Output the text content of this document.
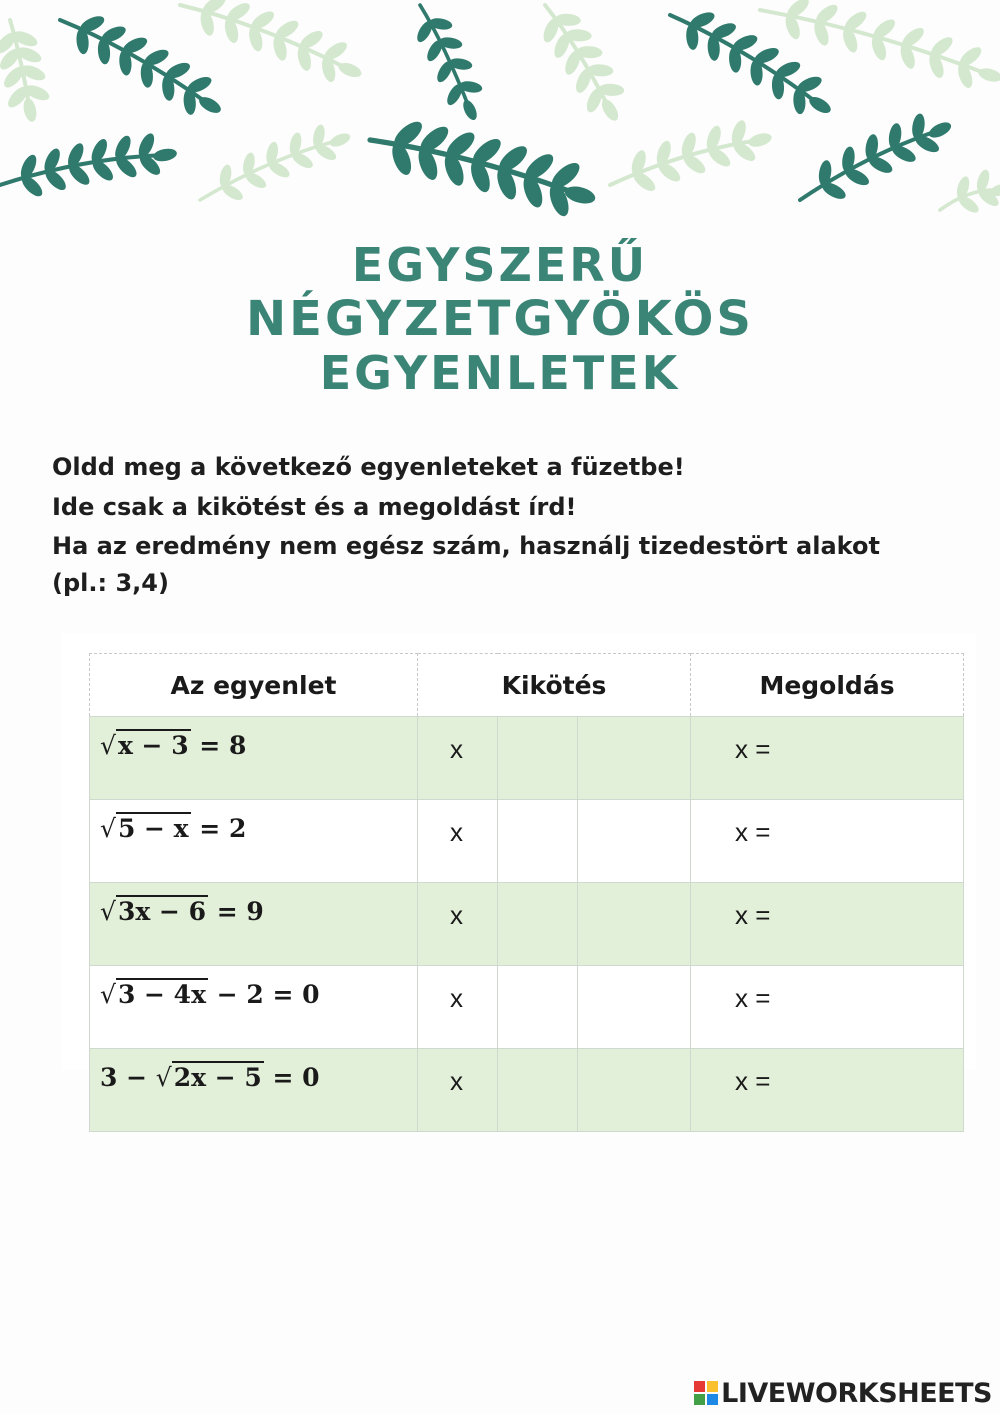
EGYSZERŰ
NÉGYZETGYÖKÖS
EGYENLETEK
Oldd meg a következő egyenleteket a füzetbe!
Ide csak a kikötést és a megoldást írd!
Ha az eredmény nem egész szám, használj tizedestört alakot
(pl.: 3,4)
Az egyenlet	Kikötés			Megoldás
√x − 3 = 8	x			x =
√5 − x = 2	x			x =
√3x − 6 = 9	x			x =
√3 − 4x − 2 = 0	x			x =
3 − √2x − 5 = 0	x			x =
LIVEWORKSHEETS
